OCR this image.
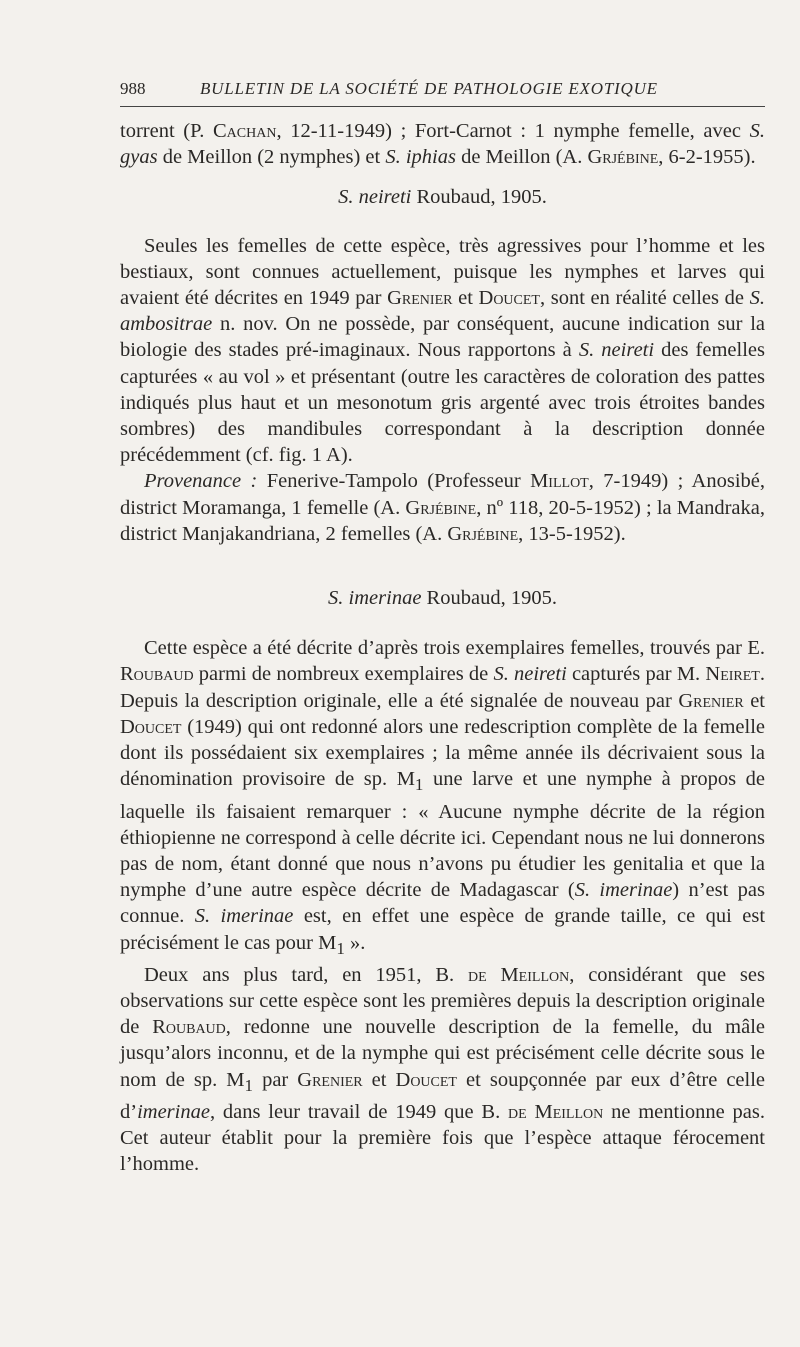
988	BULLETIN DE LA SOCIÉTÉ DE PATHOLOGIE EXOTIQUE

torrent (P. Cachan, 12-11-1949) ; Fort-Carnot : 1 nymphe femelle, avec S. gyas de Meillon (2 nymphes) et S. iphias de Meillon (A. Grjébine, 6-2-1955).

S. neireti Roubaud, 1905.

Seules les femelles de cette espèce, très agressives pour l’homme et les bestiaux, sont connues actuellement, puisque les nymphes et larves qui avaient été décrites en 1949 par Grenier et Doucet, sont en réalité celles de S. ambositrae n. nov. On ne possède, par conséquent, aucune indication sur la biologie des stades pré-imaginaux. Nous rapportons à S. neireti des femelles capturées « au vol » et présentant (outre les caractères de coloration des pattes indiqués plus haut et un mesonotum gris argenté avec trois étroites bandes sombres) des mandibules correspondant à la description donnée précédemment (cf. fig. 1 A).

Provenance : Fenerive-Tampolo (Professeur Millot, 7-1949) ; Anosibé, district Moramanga, 1 femelle (A. Grjébine, nº 118, 20-5-1952) ; la Mandraka, district Manjakandriana, 2 femelles (A. Grjébine, 13-5-1952).

S. imerinae Roubaud, 1905.

Cette espèce a été décrite d’après trois exemplaires femelles, trouvés par E. Roubaud parmi de nombreux exemplaires de S. neireti capturés par M. Neiret. Depuis la description originale, elle a été signalée de nouveau par Grenier et Doucet (1949) qui ont redonné alors une redescription complète de la femelle dont ils possédaient six exemplaires ; la même année ils décrivaient sous la dénomination provisoire de sp. $M_1$ une larve et une nymphe à propos de laquelle ils faisaient remarquer : « Aucune nymphe décrite de la région éthiopienne ne correspond à celle décrite ici. Cependant nous ne lui donnerons pas de nom, étant donné que nous n’avons pu étudier les genitalia et que la nymphe d’une autre espèce décrite de Madagascar (S. imerinae) n’est pas connue. S. imerinae est, en effet une espèce de grande taille, ce qui est précisément le cas pour $M_1$ ».

Deux ans plus tard, en 1951, B. de Meillon, considérant que ses observations sur cette espèce sont les premières depuis la description originale de Roubaud, redonne une nouvelle description de la femelle, du mâle jusqu’alors inconnu, et de la nymphe qui est précisément celle décrite sous le nom de sp. $M_1$ par Grenier et Doucet et soupçonnée par eux d’être celle d’imerinae, dans leur travail de 1949 que B. de Meillon ne mentionne pas. Cet auteur établit pour la première fois que l’espèce attaque férocement l’homme.
